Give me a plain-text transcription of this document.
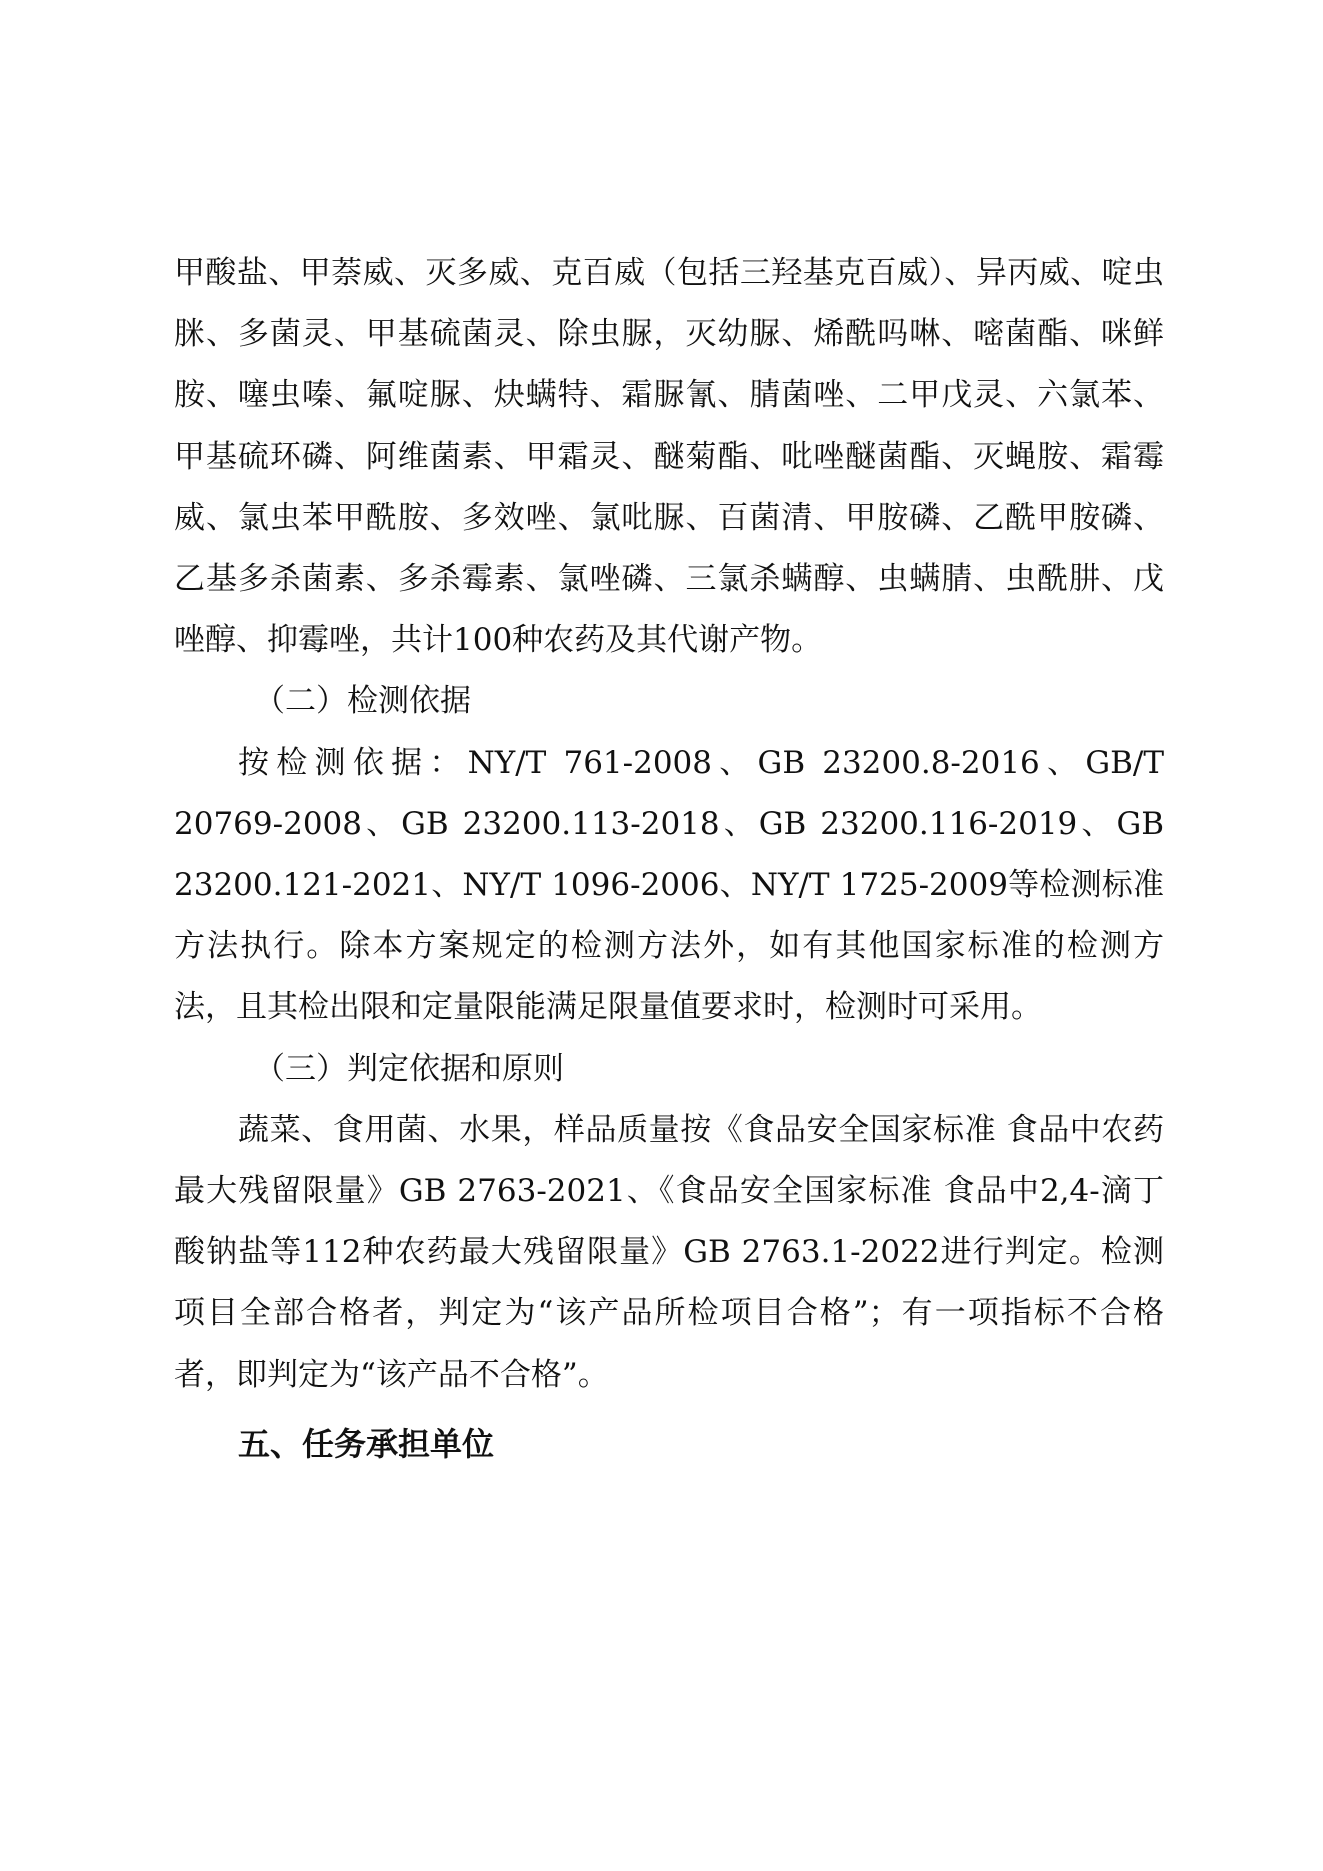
甲酸盐、甲萘威、灭多威、克百威（包括三羟基克百威）、异丙威、啶虫脒、多菌灵、甲基硫菌灵、除虫脲，灭幼脲、烯酰吗啉、嘧菌酯、咪鲜胺、噻虫嗪、氟啶脲、炔螨特、霜脲氰、腈菌唑、二甲戊灵、六氯苯、甲基硫环磷、阿维菌素、甲霜灵、醚菊酯、吡唑醚菌酯、灭蝇胺、霜霉威、氯虫苯甲酰胺、多效唑、氯吡脲、百菌清、甲胺磷、乙酰甲胺磷、乙基多杀菌素、多杀霉素、氯唑磷、三氯杀螨醇、虫螨腈、虫酰肼、戊唑醇、抑霉唑，共计100种农药及其代谢产物。

（二）检测依据

按检测依据：NY/T 761-2008、GB 23200.8-2016、GB/T 20769-2008、GB 23200.113-2018、GB 23200.116-2019、GB 23200.121-2021、NY/T 1096-2006、NY/T 1725-2009等检测标准方法执行。除本方案规定的检测方法外，如有其他国家标准的检测方法，且其检出限和定量限能满足限量值要求时，检测时可采用。

（三）判定依据和原则

蔬菜、食用菌、水果，样品质量按《食品安全国家标准 食品中农药最大残留限量》GB 2763-2021、《食品安全国家标准 食品中2,4-滴丁酸钠盐等112种农药最大残留限量》GB 2763.1-2022进行判定。检测项目全部合格者，判定为“该产品所检项目合格”；有一项指标不合格者，即判定为“该产品不合格”。

五、任务承担单位
